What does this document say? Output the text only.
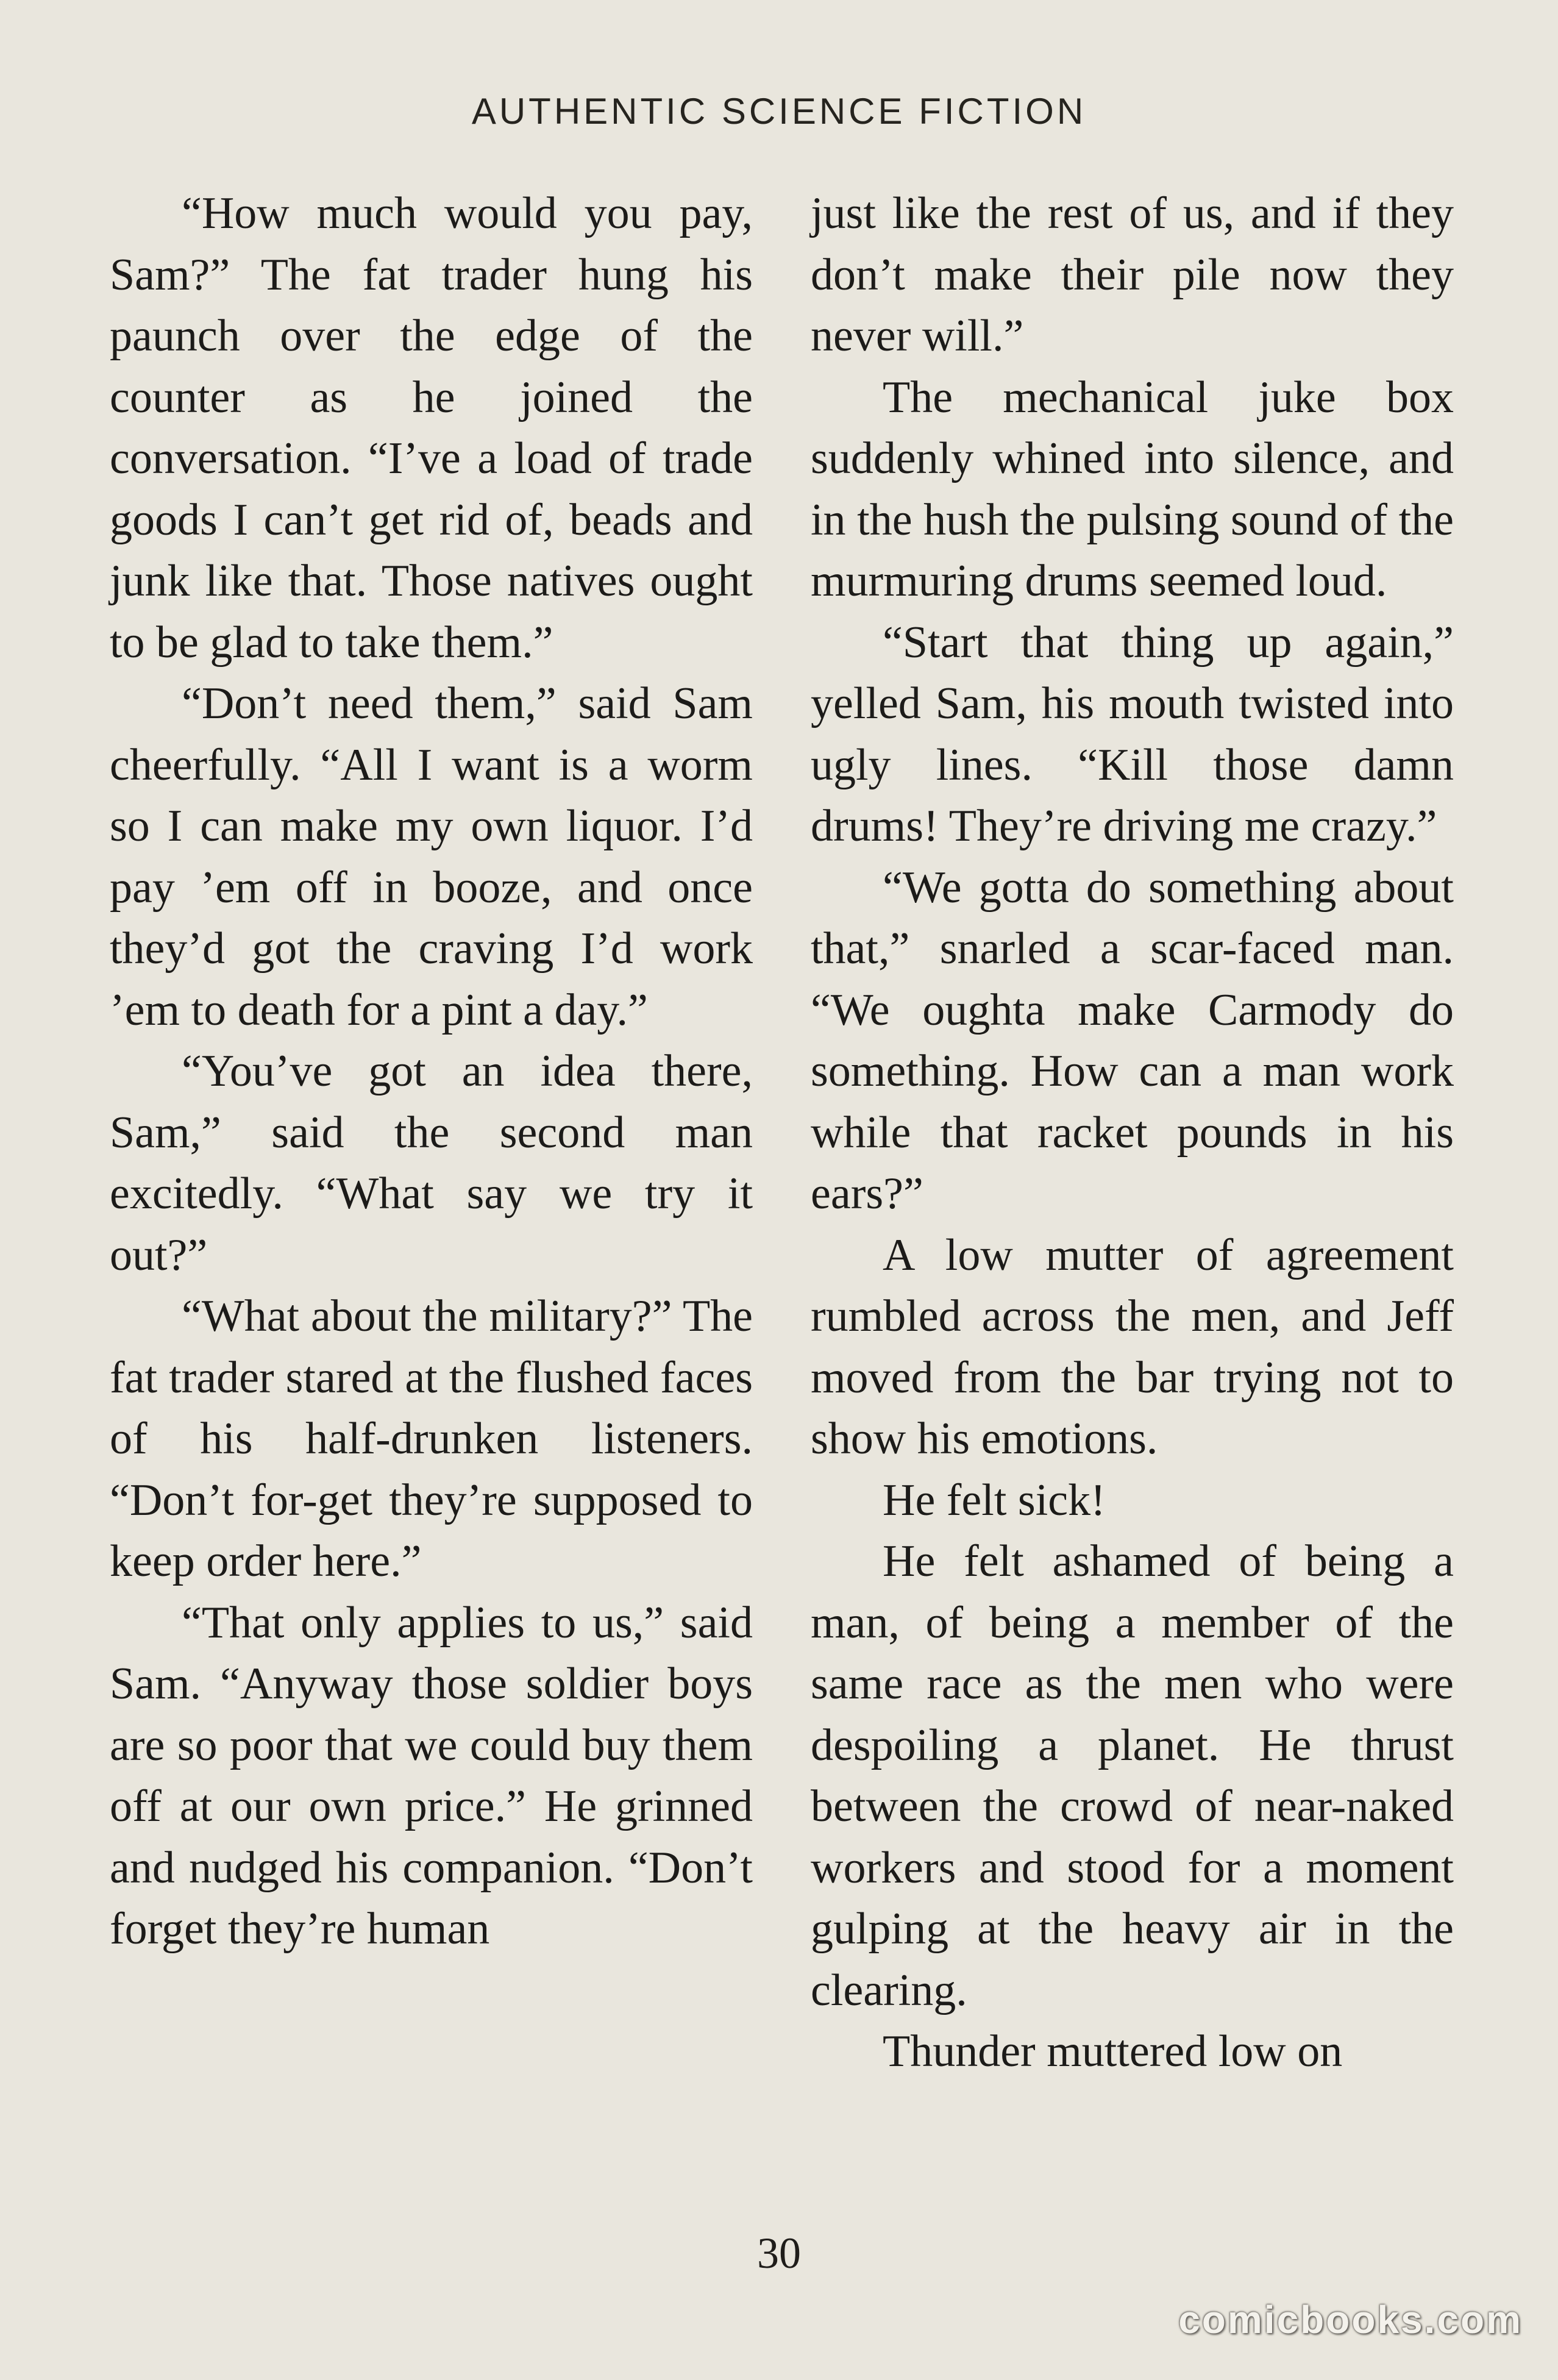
AUTHENTIC SCIENCE FICTION

“How much would you pay, Sam?” The fat trader hung his paunch over the edge of the counter as he joined the conversation. “I’ve a load of trade goods I can’t get rid of, beads and junk like that. Those natives ought to be glad to take them.”

“Don’t need them,” said Sam cheerfully. “All I want is a worm so I can make my own liquor. I’d pay ’em off in booze, and once they’d got the craving I’d work ’em to death for a pint a day.”

“You’ve got an idea there, Sam,” said the second man excitedly. “What say we try it out?”

“What about the military?” The fat trader stared at the flushed faces of his half-drunken listeners. “Don’t for-get they’re supposed to keep order here.”

“That only applies to us,” said Sam. “Anyway those soldier boys are so poor that we could buy them off at our own price.” He grinned and nudged his companion. “Don’t forget they’re human

just like the rest of us, and if they don’t make their pile now they never will.”

The mechanical juke box suddenly whined into silence, and in the hush the pulsing sound of the murmuring drums seemed loud.

“Start that thing up again,” yelled Sam, his mouth twisted into ugly lines. “Kill those damn drums! They’re driving me crazy.”

“We gotta do something about that,” snarled a scar-faced man. “We oughta make Carmody do something. How can a man work while that racket pounds in his ears?”

A low mutter of agreement rumbled across the men, and Jeff moved from the bar trying not to show his emotions.

He felt sick!

He felt ashamed of being a man, of being a member of the same race as the men who were despoiling a planet. He thrust between the crowd of near-naked workers and stood for a moment gulping at the heavy air in the clearing.

Thunder muttered low on

30
comicbooks.com
